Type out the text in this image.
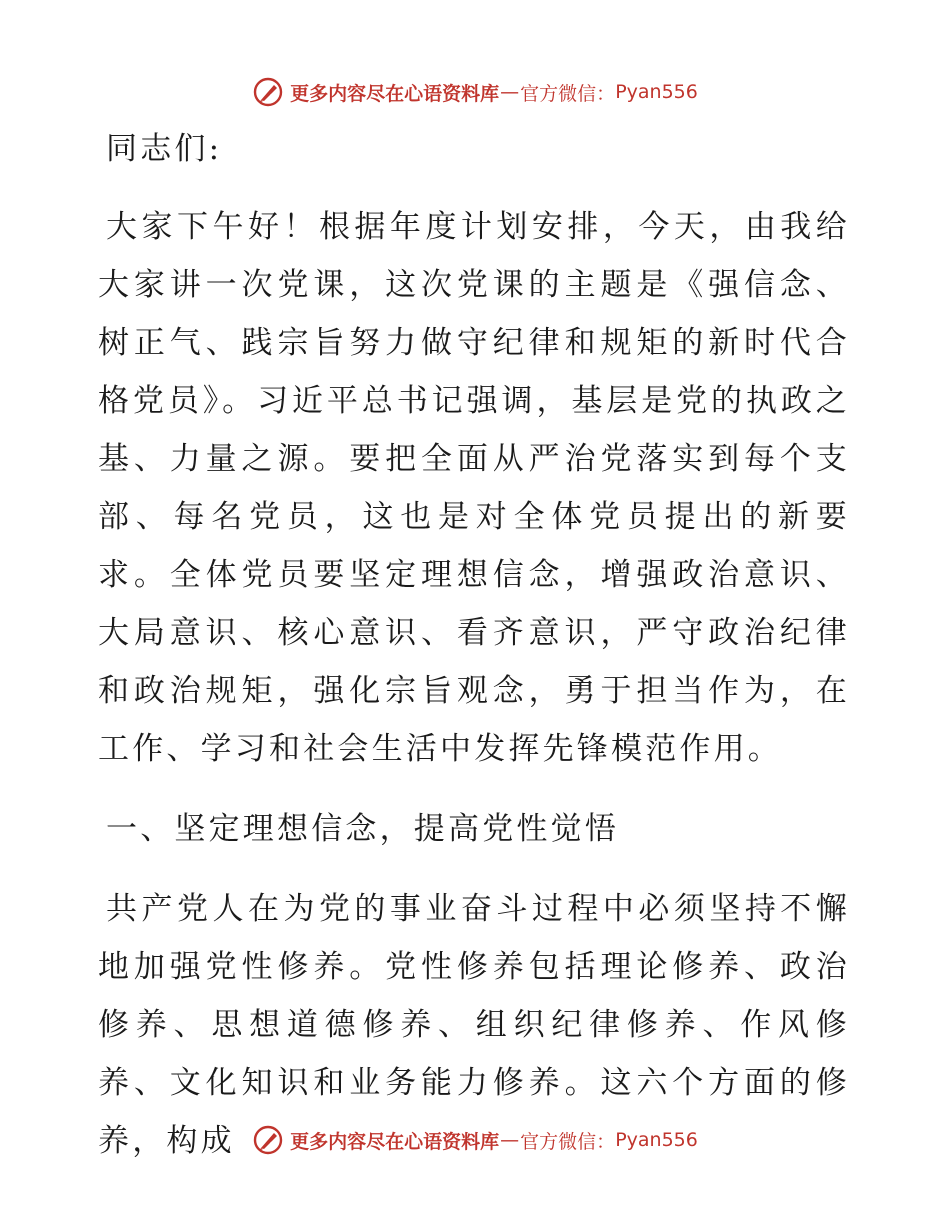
更多内容尽在心语资料库 — 官方微信： Pyan556

同志们:

大家下午好！根据年度计划安排，今天，由我给大家讲一次党课，这次党课的主题是《强信念、树正气、践宗旨努力做守纪律和规矩的新时代合格党员》。习近平总书记强调，基层是党的执政之基、力量之源。要把全面从严治党落实到每个支部、每名党员，这也是对全体党员提出的新要求。全体党员要坚定理想信念，增强政治意识、大局意识、核心意识、看齐意识，严守政治纪律和政治规矩，强化宗旨观念，勇于担当作为，在工作、学习和社会生活中发挥先锋模范作用。

一、坚定理想信念，提高党性觉悟

共产党人在为党的事业奋斗过程中必须坚持不懈地加强党性修养。党性修养包括理论修养、政治修养、思想道德修养、组织纪律修养、作风修养、文化知识和业务能力修养。这六个方面的修养，构成	更多内容尽在心语资料库 — 官方微信： Pyan556
